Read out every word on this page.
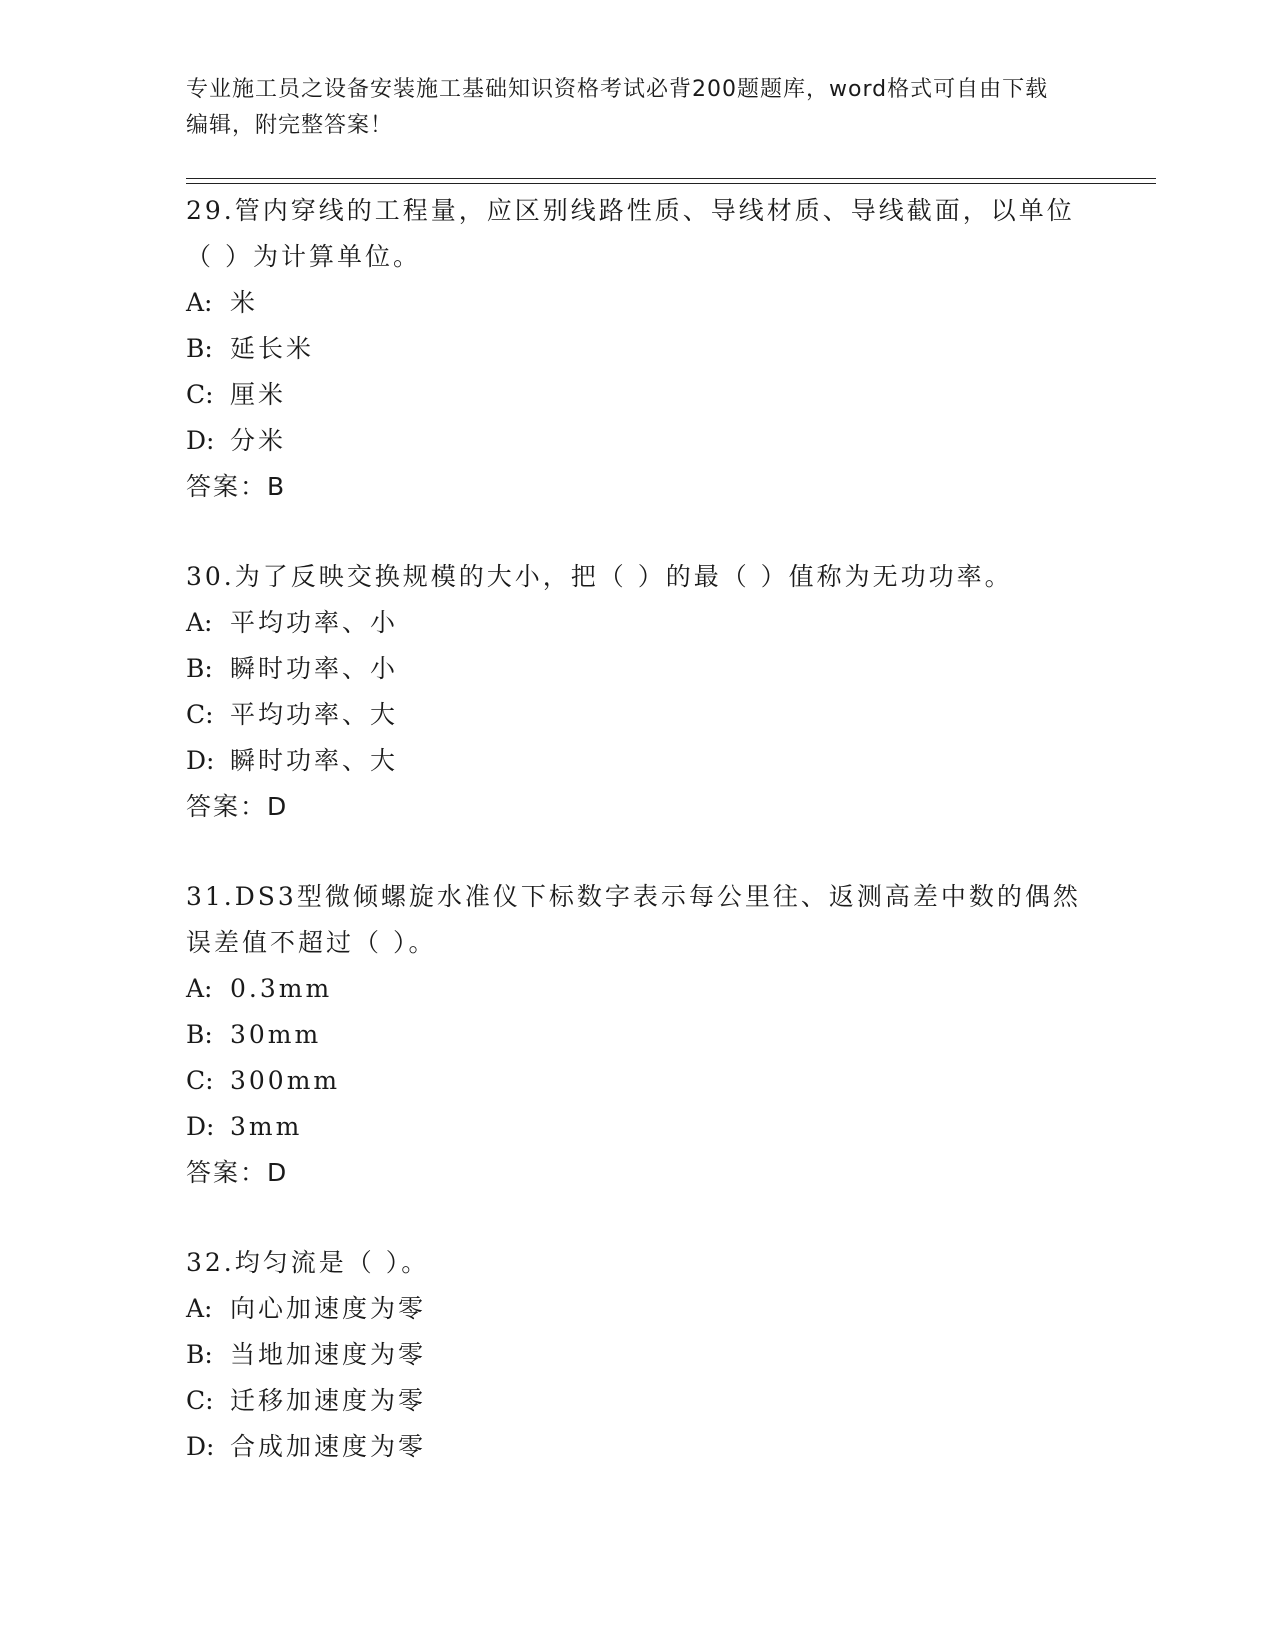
专业施工员之设备安装施工基础知识资格考试必背200题题库，word格式可自由下载编辑，附完整答案！

29.管内穿线的工程量，应区别线路性质、导线材质、导线截面，以单位（ ）为计算单位。

A: 米

B: 延长米

C: 厘米

D: 分米

答案：B

30.为了反映交换规模的大小，把（ ）的最（ ）值称为无功功率。

A: 平均功率、小

B: 瞬时功率、小

C: 平均功率、大

D: 瞬时功率、大

答案：D

31.DS3型微倾螺旋水准仪下标数字表示每公里往、返测高差中数的偶然误差值不超过（ ）。

A: 0.3mm

B: 30mm

C: 300mm

D: 3mm

答案：D

32.均匀流是（ ）。

A: 向心加速度为零

B: 当地加速度为零

C: 迁移加速度为零

D: 合成加速度为零
